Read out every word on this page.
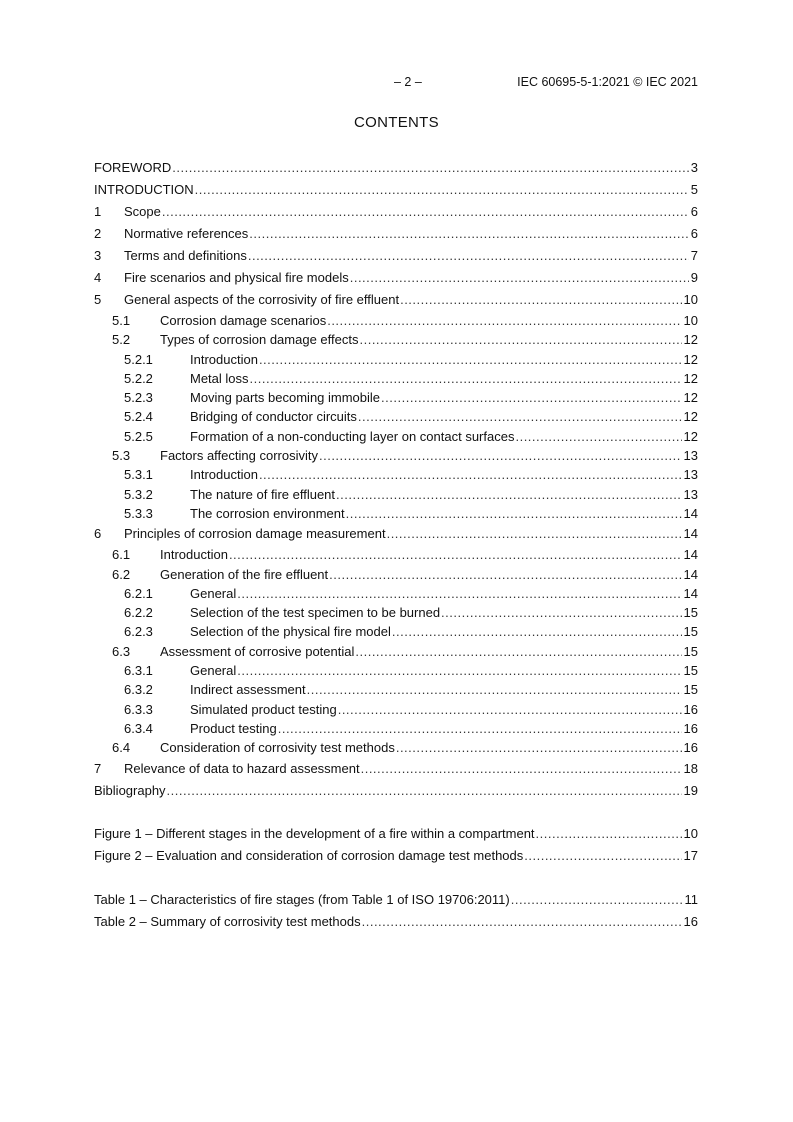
– 2 –	IEC 60695-5-1:2021 © IEC 2021
CONTENTS
FOREWORD .....	3
INTRODUCTION .....	5
1	Scope .....	6
2	Normative references .....	6
3	Terms and definitions .....	7
4	Fire scenarios and physical fire models .....	9
5	General aspects of the corrosivity of fire effluent .....	10
5.1	Corrosion damage scenarios .....	10
5.2	Types of corrosion damage effects .....	12
5.2.1	Introduction .....	12
5.2.2	Metal loss .....	12
5.2.3	Moving parts becoming immobile .....	12
5.2.4	Bridging of conductor circuits .....	12
5.2.5	Formation of a non-conducting layer on contact surfaces .....	12
5.3	Factors affecting corrosivity .....	13
5.3.1	Introduction .....	13
5.3.2	The nature of fire effluent .....	13
5.3.3	The corrosion environment .....	14
6	Principles of corrosion damage measurement .....	14
6.1	Introduction .....	14
6.2	Generation of the fire effluent .....	14
6.2.1	General .....	14
6.2.2	Selection of the test specimen to be burned .....	15
6.2.3	Selection of the physical fire model .....	15
6.3	Assessment of corrosive potential .....	15
6.3.1	General .....	15
6.3.2	Indirect assessment .....	15
6.3.3	Simulated product testing .....	16
6.3.4	Product testing .....	16
6.4	Consideration of corrosivity test methods .....	16
7	Relevance of data to hazard assessment .....	18
Bibliography .....	19
Figure 1 – Different stages in the development of a fire within a compartment .....	10
Figure 2 – Evaluation and consideration of corrosion damage test methods .....	17
Table 1 – Characteristics of fire stages (from Table 1 of ISO 19706:2011) .....	11
Table 2 – Summary of corrosivity test methods .....	16
